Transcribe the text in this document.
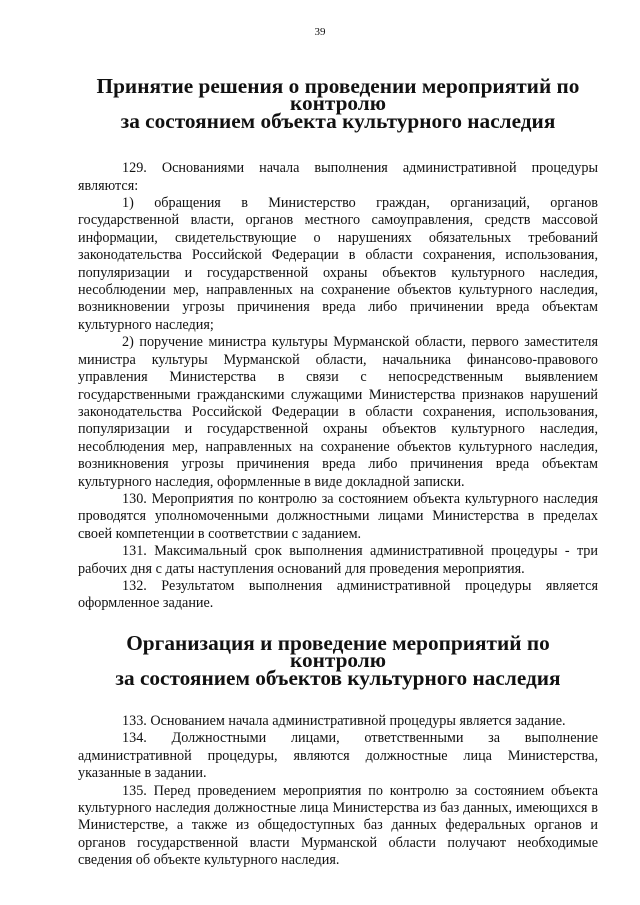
39
Принятие решения о проведении мероприятий по контролю
за состоянием объекта культурного наследия

129. Основаниями начала выполнения административной процедуры являются:

1) обращения в Министерство граждан, организаций, органов государственной власти, органов местного самоуправления, средств массовой информации, свидетельствующие о нарушениях обязательных требований законодательства Российской Федерации в области сохранения, использования, популяризации и государственной охраны объектов культурного наследия, несоблюдении мер, направленных на сохранение объектов культурного наследия, возникновении угрозы причинения вреда либо причинении вреда объектам культурного наследия;

2) поручение министра культуры Мурманской области, первого заместителя министра культуры Мурманской области, начальника финансово-правового управления Министерства в связи с непосредственным выявлением государственными гражданскими служащими Министерства признаков нарушений законодательства Российской Федерации в области сохранения, использования, популяризации и государственной охраны объектов культурного наследия, несоблюдения мер, направленных на сохранение объектов культурного наследия, возникновения угрозы причинения вреда либо причинения вреда объектам культурного наследия, оформленные в виде докладной записки.

130. Мероприятия по контролю за состоянием объекта культурного наследия проводятся уполномоченными должностными лицами Министерства в пределах своей компетенции в соответствии с заданием.

131. Максимальный срок выполнения административной процедуры - три рабочих дня с даты наступления оснований для проведения мероприятия.

132. Результатом выполнения административной процедуры является оформленное задание.

Организация и проведение мероприятий по контролю
за состоянием объектов культурного наследия

133. Основанием начала административной процедуры является задание.

134. Должностными лицами, ответственными за выполнение административной процедуры, являются должностные лица Министерства, указанные в задании.

135. Перед проведением мероприятия по контролю за состоянием объекта культурного наследия должностные лица Министерства из баз данных, имеющихся в Министерстве, а также из общедоступных баз данных федеральных органов и органов государственной власти Мурманской области получают необходимые сведения об объекте культурного наследия.
